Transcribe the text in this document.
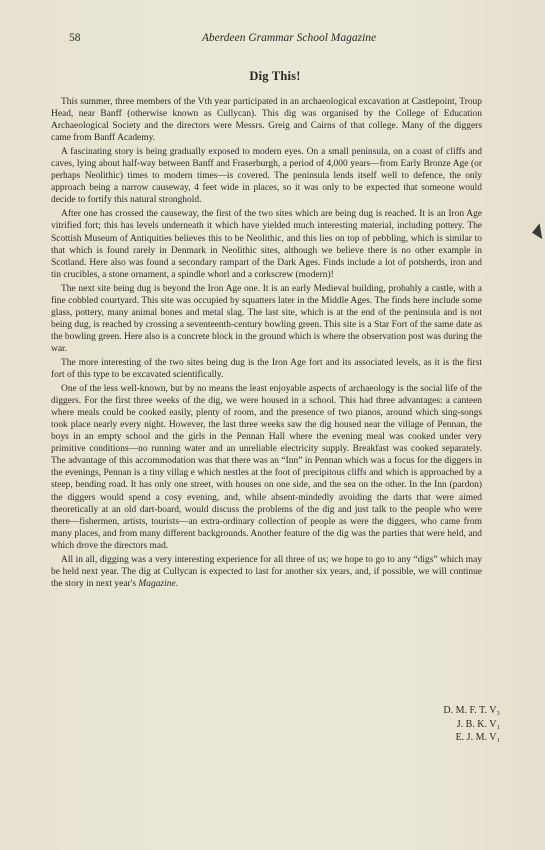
58	Aberdeen Grammar School Magazine
Dig This!

This summer, three members of the Vth year participated in an archaeological excavation at Castlepoint, Troup Head, near Banff (otherwise known as Cullycan). This dig was organised by the College of Education Archaeological Society and the directors were Messrs. Greig and Cairns of that college. Many of the diggers came from Banff Academy.

A fascinating story is being gradually exposed to modern eyes. On a small peninsula, on a coast of cliffs and caves, lying about half-way between Banff and Fraserburgh, a period of 4,000 years—from Early Bronze Age (or perhaps Neolithic) times to modern times—is covered. The peninsula lends itself well to defence, the only approach being a narrow causeway, 4 feet wide in places, so it was only to be expected that someone would decide to fortify this natural stronghold.

After one has crossed the causeway, the first of the two sites which are being dug is reached. It is an Iron Age vitrified fort; this has levels underneath it which have yielded much interesting material, including pottery. The Scottish Museum of Antiquities believes this to be Neolithic, and this lies on top of pebbling, which is similar to that which is found rarely in Denmark in Neolithic sites, although we believe there is no other example in Scotland. Here also was found a secondary rampart of the Dark Ages. Finds include a lot of potsherds, iron and tin crucibles, a stone ornament, a spindle whorl and a corkscrew (modern)!

The next site being dug is beyond the Iron Age one. It is an early Medieval building, probably a castle, with a fine cobbled courtyard. This site was occupied by squatters later in the Middle Ages. The finds here include some glass, pottery, many animal bones and metal slag. The last site, which is at the end of the peninsula and is not being dug, is reached by crossing a seventeenth-century bowling green. This site is a Star Fort of the same date as the bowling green. Here also is a concrete block in the ground which is where the observation post was during the war.

The more interesting of the two sites being dug is the Iron Age fort and its associated levels, as it is the first fort of this type to be excavated scientifically.

One of the less well-known, but by no means the least enjoyable aspects of archaeology is the social life of the diggers. For the first three weeks of the dig, we were housed in a school. This had three advantages: a canteen where meals could be cooked easily, plenty of room, and the presence of two pianos, around which sing-songs took place nearly every night. However, the last three weeks saw the dig housed near the village of Pennan, the boys in an empty school and the girls in the Pennan Hall where the evening meal was cooked under very primitive conditions—no running water and an unreliable electricity supply. Breakfast was cooked separately. The advantage of this accommodation was that there was an “Inn” in Pennan which was a focus for the diggers in the evenings, Pennan is a tiny villag e which nestles at the foot of precipitous cliffs and which is approached by a steep, bending road. It has only one street, with houses on one side, and the sea on the other. In the Inn (pardon) the diggers would spend a cosy evening, and, while absent-mindedly avoiding the darts that were aimed theoretically at an old dart-board, would discuss the problems of the dig and just talk to the people who were there—fishermen, artists, tourists—an extra-ordinary collection of people as were the diggers, who came from many places, and from many different backgrounds. Another feature of the dig was the parties that were held, and which drove the directors mad.

All in all, digging was a very interesting experience for all three of us; we hope to go to any “digs” which may be held next year. The dig at Cullycan is expected to last for another six years, and, if possible, we will continue the story in next year's Magazine.

D. M. F. T. V₃
J. B. K. V₁
E. J. M. V₁
